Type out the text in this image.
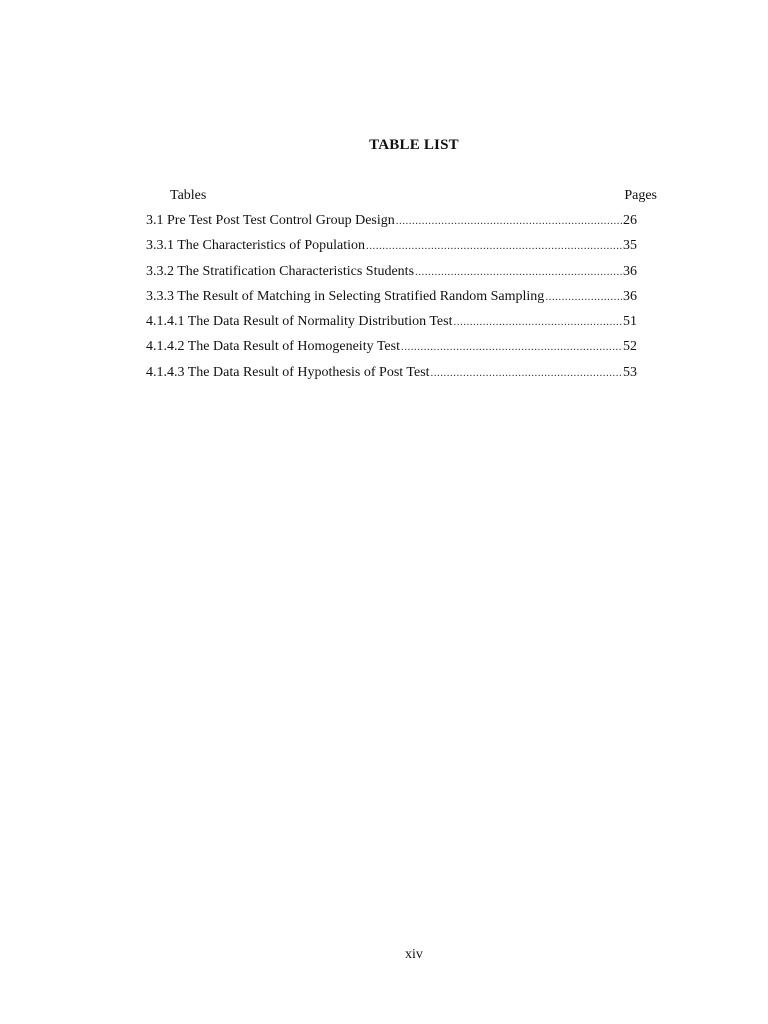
TABLE LIST
Tables	Pages
3.1 Pre Test Post Test Control Group Design .....	26
3.3.1 The Characteristics of Population .....	35
3.3.2 The Stratification Characteristics Students .....	36
3.3.3 The Result of Matching in Selecting Stratified Random Sampling .....	36
4.1.4.1 The Data Result of Normality Distribution Test .....	51
4.1.4.2 The Data Result of Homogeneity Test .....	52
4.1.4.3 The Data Result of Hypothesis of Post Test .....	53
xiv
